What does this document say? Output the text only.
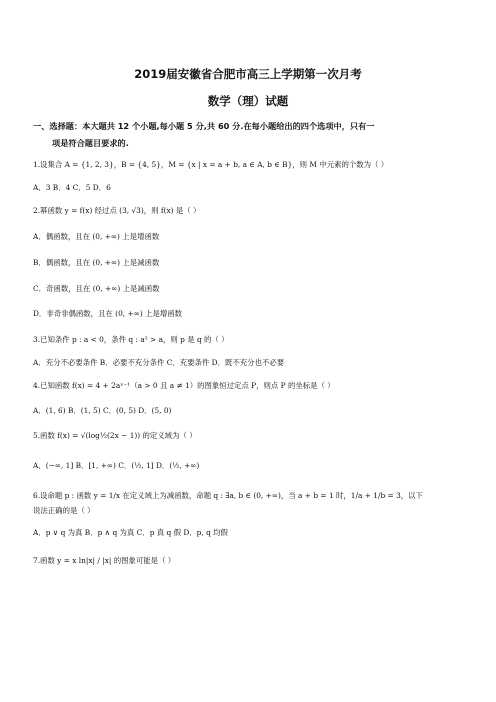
2019届安徽省合肥市高三上学期第一次月考
数学（理）试题
一、选择题：本大题共 12 个小题,每小题 5 分,共 60 分.在每小题给出的四个选项中，只有一
项是符合题目要求的.
1.设集合 A = {1, 2, 3}，B = {4, 5}，M = {x | x = a + b, a ∈ A, b ∈ B}，则 M 中元素的个数为（ ）
A．3 B．4 C．5 D．6
2.幂函数 y = f(x) 经过点 (3, √3)，则 f(x) 是（ ）
A．偶函数，且在 (0, +∞) 上是增函数
B．偶函数，且在 (0, +∞) 上是减函数
C．奇函数，且在 (0, +∞) 上是减函数
D．非奇非偶函数，且在 (0, +∞) 上是增函数
3.已知条件 p : a < 0，条件 q : a² > a，则 p 是 q 的（ ）
A．充分不必要条件 B．必要不充分条件 C．充要条件 D．既不充分也不必要
4.已知函数 f(x) = 4 + 2aˣ⁻¹（a > 0 且 a ≠ 1）的图象恒过定点 P，则点 P 的坐标是（ ）
A．(1, 6) B．(1, 5) C．(0, 5) D．(5, 0)
5.函数 f(x) = √(log½(2x − 1)) 的定义域为（ ）
A．(−∞, 1] B．[1, +∞) C．(½, 1] D．(½, +∞)
6.设命题 p : 函数 y = 1/x 在定义域上为减函数，命题 q : ∃a, b ∈ (0, +∞)，当 a + b = 1 时，1/a + 1/b = 3，以下
说法正确的是（ ）
A．p ∨ q 为真 B．p ∧ q 为真 C．p 真 q 假 D．p, q 均假
7.函数 y = x ln|x| / |x| 的图象可能是（ ）
